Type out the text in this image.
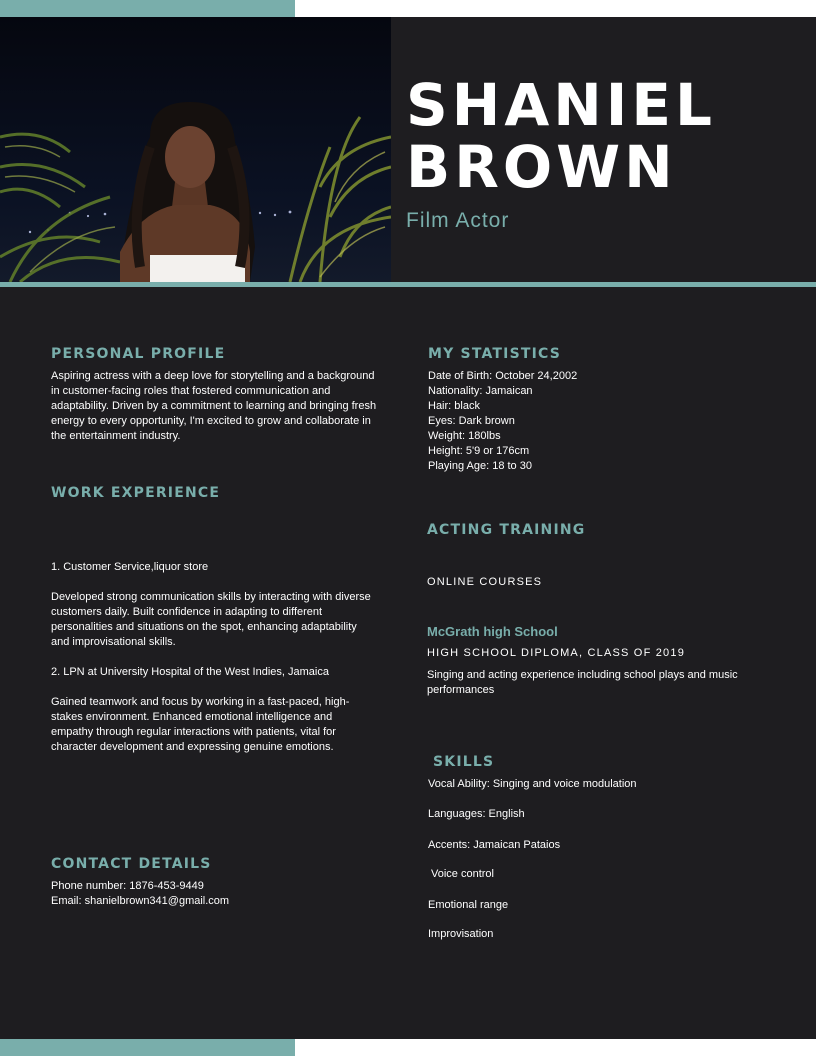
SHANIEL
BROWN
Film Actor
PERSONAL PROFILE
Aspiring actress with a deep love for storytelling and a background in customer-facing roles that fostered communication and adaptability. Driven by a commitment to learning and bringing fresh energy to every opportunity, I'm excited to grow and collaborate in the entertainment industry.
WORK EXPERIENCE
1. Customer Service,liquor store
Developed strong communication skills by interacting with diverse customers daily. Built confidence in adapting to different personalities and situations on the spot, enhancing adaptability and improvisational skills.
2. LPN at University Hospital of the West Indies, Jamaica
Gained teamwork and focus by working in a fast-paced, high-stakes environment. Enhanced emotional intelligence and empathy through regular interactions with patients, vital for character development and expressing genuine emotions.
CONTACT DETAILS
Phone number: 1876-453-9449
Email: shanielbrown341@gmail.com
MY STATISTICS
Date of Birth: October 24,2002
Nationality: Jamaican
Hair: black
Eyes: Dark brown
Weight: 180lbs
Height: 5'9 or 176cm
Playing Age: 18 to 30
ACTING TRAINING
ONLINE COURSES
McGrath high School
HIGH SCHOOL DIPLOMA, CLASS OF 2019
Singing and acting experience including school plays and music performances
SKILLS
Vocal Ability: Singing and voice modulation
Languages: English
Accents: Jamaican Pataios
Voice control
Emotional range
Improvisation
